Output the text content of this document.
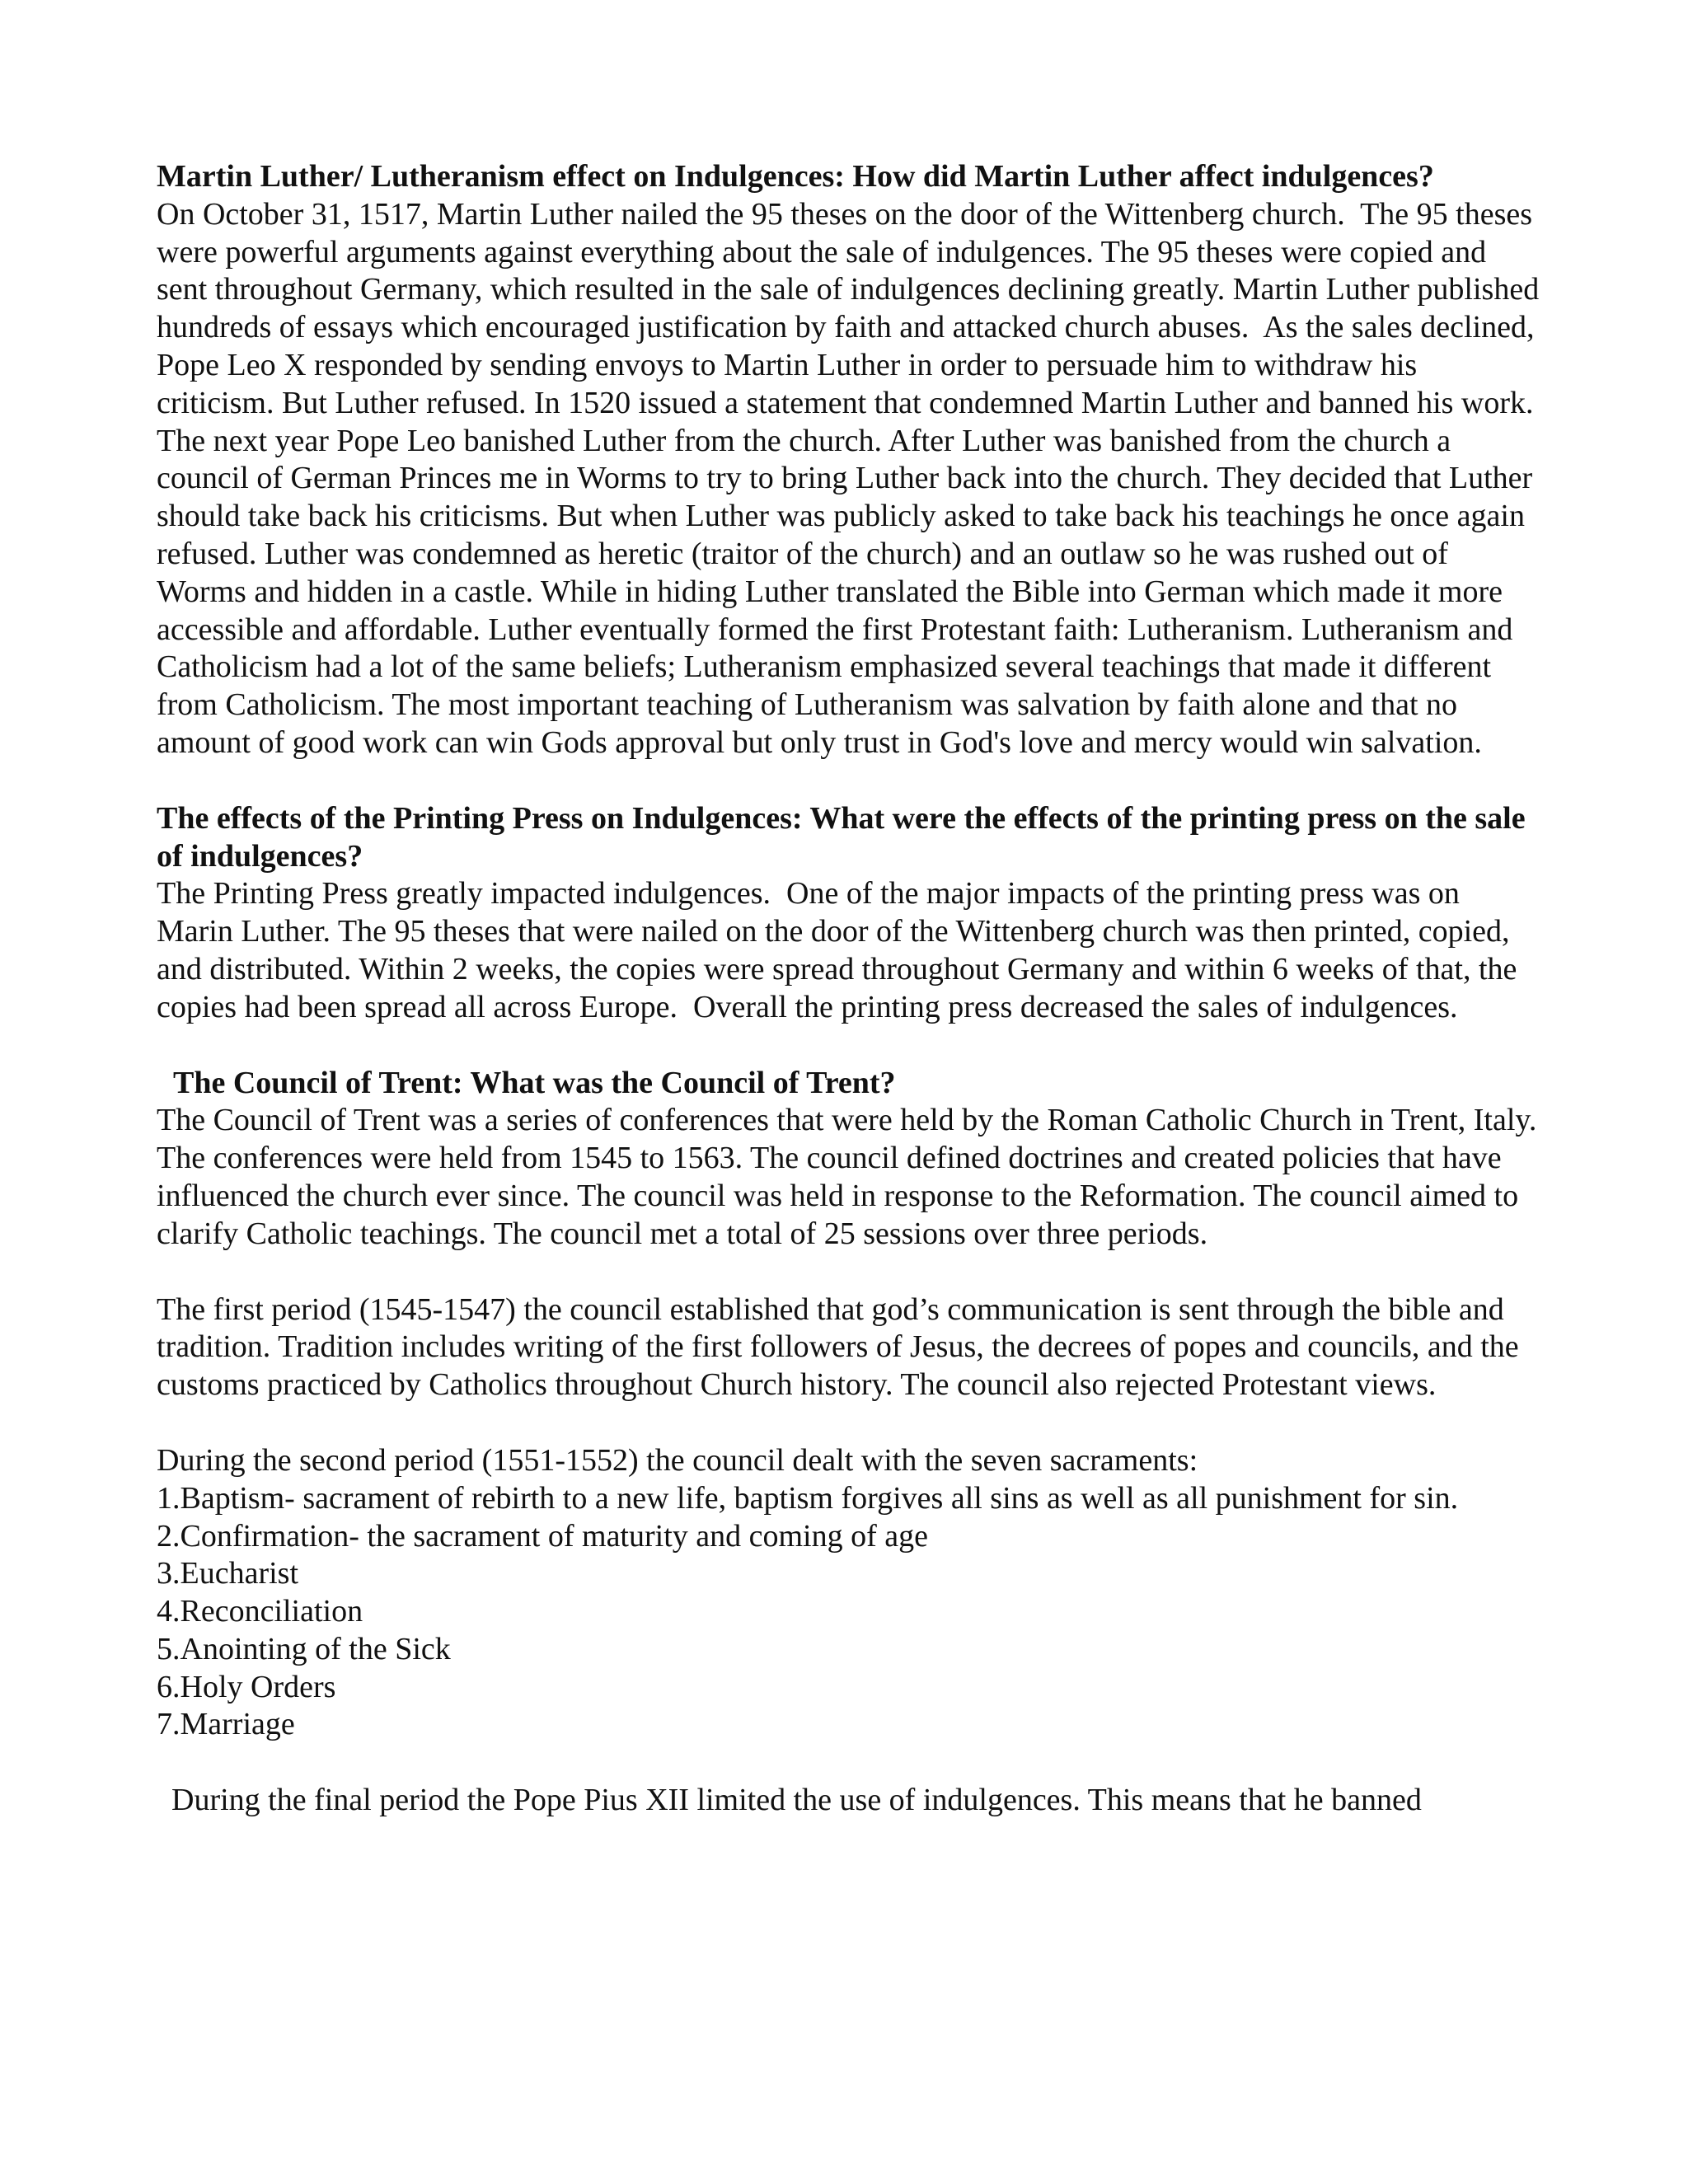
Martin Luther/ Lutheranism effect on Indulgences: How did Martin Luther affect indulgences?

On October 31, 1517, Martin Luther nailed the 95 theses on the door of the Wittenberg church.  The 95 theses were powerful arguments against everything about the sale of indulgences. The 95 theses were copied and sent throughout Germany, which resulted in the sale of indulgences declining greatly. Martin Luther published hundreds of essays which encouraged justification by faith and attacked church abuses.  As the sales declined, Pope Leo X responded by sending envoys to Martin Luther in order to persuade him to withdraw his criticism. But Luther refused. In 1520 issued a statement that condemned Martin Luther and banned his work.  The next year Pope Leo banished Luther from the church. After Luther was banished from the church a council of German Princes me in Worms to try to bring Luther back into the church. They decided that Luther should take back his criticisms. But when Luther was publicly asked to take back his teachings he once again refused. Luther was condemned as heretic (traitor of the church) and an outlaw so he was rushed out of Worms and hidden in a castle. While in hiding Luther translated the Bible into German which made it more accessible and affordable. Luther eventually formed the first Protestant faith: Lutheranism. Lutheranism and Catholicism had a lot of the same beliefs; Lutheranism emphasized several teachings that made it different from Catholicism. The most important teaching of Lutheranism was salvation by faith alone and that no amount of good work can win Gods approval but only trust in God's love and mercy would win salvation.

The effects of the Printing Press on Indulgences: What were the effects of the printing press on the sale of indulgences?

The Printing Press greatly impacted indulgences.  One of the major impacts of the printing press was on Marin Luther. The 95 theses that were nailed on the door of the Wittenberg church was then printed, copied, and distributed. Within 2 weeks, the copies were spread throughout Germany and within 6 weeks of that, the copies had been spread all across Europe.  Overall the printing press decreased the sales of indulgences.

The Council of Trent: What was the Council of Trent?

The Council of Trent was a series of conferences that were held by the Roman Catholic Church in Trent, Italy. The conferences were held from 1545 to 1563. The council defined doctrines and created policies that have influenced the church ever since. The council was held in response to the Reformation. The council aimed to clarify Catholic teachings. The council met a total of 25 sessions over three periods.

The first period (1545-1547) the council established that god’s communication is sent through the bible and tradition. Tradition includes writing of the first followers of Jesus, the decrees of popes and councils, and the customs practiced by Catholics throughout Church history. The council also rejected Protestant views.

During the second period (1551-1552) the council dealt with the seven sacraments:

1.Baptism- sacrament of rebirth to a new life, baptism forgives all sins as well as all punishment for sin.
2.Confirmation- the sacrament of maturity and coming of age
3.Eucharist
4.Reconciliation
5.Anointing of the Sick
6.Holy Orders
7.Marriage

During the final period the Pope Pius XII limited the use of indulgences. This means that he banned
